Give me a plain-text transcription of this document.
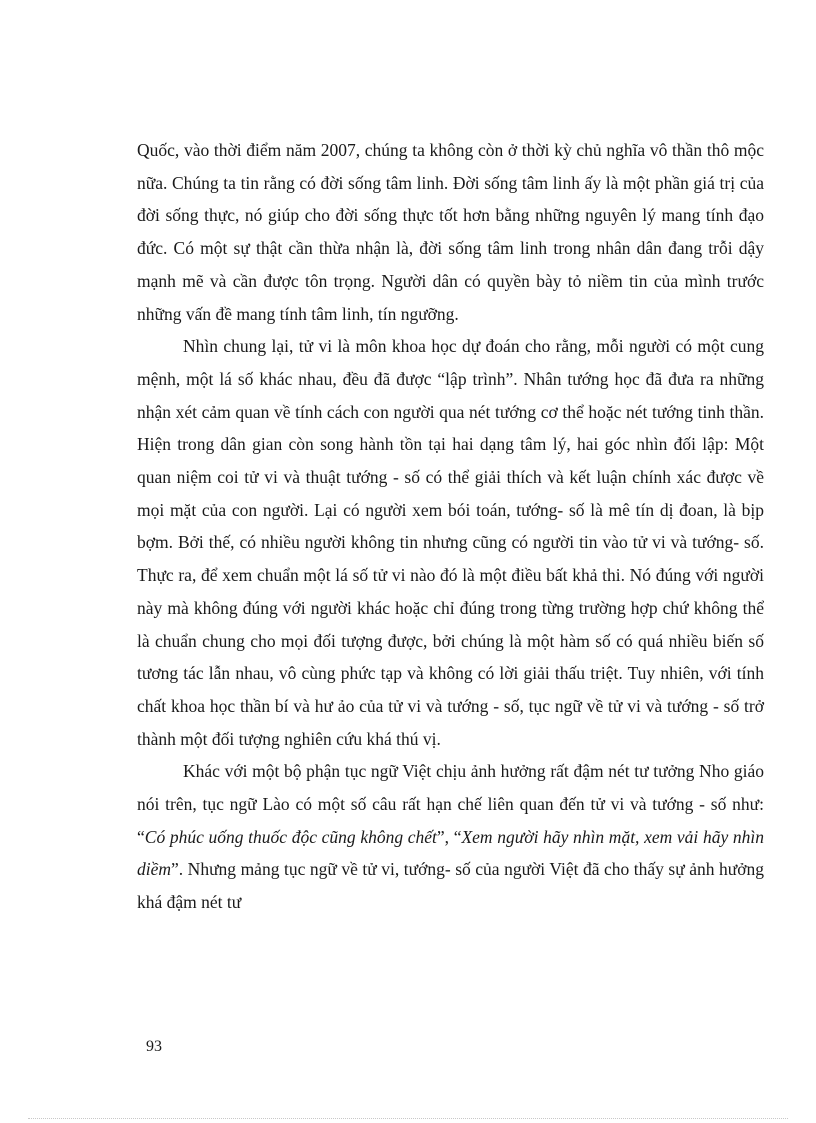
Quốc, vào thời điểm năm 2007, chúng ta không còn ở thời kỳ chủ nghĩa vô thần thô mộc nữa. Chúng ta tin rằng có đời sống tâm linh. Đời sống tâm linh ấy là một phần giá trị của đời sống thực, nó giúp cho đời sống thực tốt hơn bằng những nguyên lý mang tính đạo đức. Có một sự thật cần thừa nhận là, đời sống tâm linh trong nhân dân đang trỗi dậy mạnh mẽ và cần được tôn trọng. Người dân có quyền bày tỏ niềm tin của mình trước những vấn đề mang tính tâm linh, tín ngưỡng.

Nhìn chung lại, tử vi là môn khoa học dự đoán cho rằng, mỗi người có một cung mệnh, một lá số khác nhau, đều đã được “lập trình”. Nhân tướng học đã đưa ra những nhận xét cảm quan về tính cách con người qua nét tướng cơ thể hoặc nét tướng tinh thần. Hiện trong dân gian còn song hành tồn tại hai dạng tâm lý, hai góc nhìn đối lập: Một quan niệm coi tử vi và thuật tướng - số có thể giải thích và kết luận chính xác được về mọi mặt của con người. Lại có người xem bói toán, tướng- số là mê tín dị đoan, là bịp bợm. Bởi thế, có nhiều người không tin nhưng cũng có người tin vào tử vi và tướng- số. Thực ra, để xem chuẩn một lá số tử vi nào đó là một điều bất khả thi. Nó đúng với người này mà không đúng với người khác hoặc chỉ đúng trong từng trường hợp chứ không thể là chuẩn chung cho mọi đối tượng được, bởi chúng là một hàm số có quá nhiều biến số tương tác lẫn nhau, vô cùng phức tạp và không có lời giải thấu triệt. Tuy nhiên, với tính chất khoa học thần bí và hư ảo của tử vi và tướng - số, tục ngữ về tử vi và tướng - số trở thành một đối tượng nghiên cứu khá thú vị.

Khác với một bộ phận tục ngữ Việt chịu ảnh hưởng rất đậm nét tư tưởng Nho giáo nói trên, tục ngữ Lào có một số câu rất hạn chế liên quan đến tử vi và tướng - số như: “Có phúc uống thuốc độc cũng không chết”, “Xem người hãy nhìn mặt, xem vải hãy nhìn diềm”. Nhưng mảng tục ngữ về tử vi, tướng- số của người Việt đã cho thấy sự ảnh hưởng khá đậm nét tư

93
